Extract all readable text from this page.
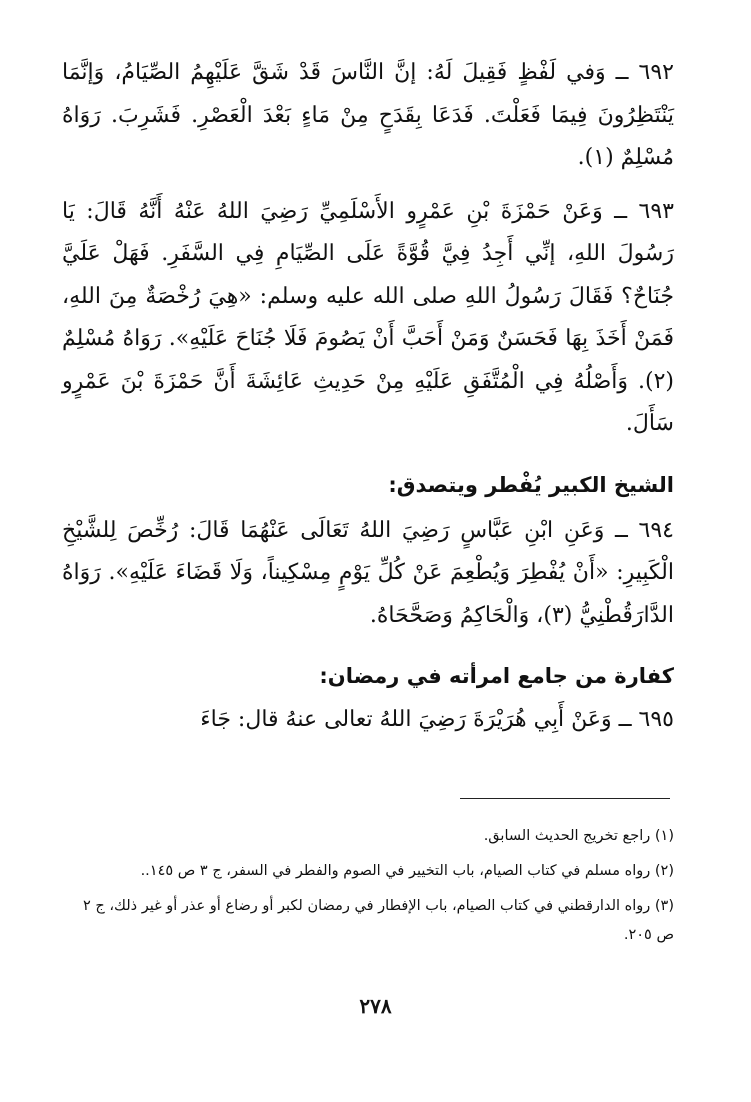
٦٩٢ ــ وَفي لَفْظٍ فَقِيلَ لَهُ: إنَّ النَّاسَ قَدْ شَقَّ عَلَيْهِمُ الصِّيَامُ، وَإنَّمَا يَنْتَظِرُونَ فِيمَا فَعَلْتَ. فَدَعَا بِقَدَحٍ مِنْ مَاءٍ بَعْدَ الْعَصْرِ. فَشَرِبَ. رَوَاهُ مُسْلِمٌ (١).

٦٩٣ ــ وَعَنْ حَمْزَةَ بْنِ عَمْرٍو الأَسْلَمِيِّ رَضِيَ اللهُ عَنْهُ أَنَّهُ قَالَ: يَا رَسُولَ اللهِ، إنِّي أَجِدُ فِيَّ قُوَّةً عَلَى الصِّيَامِ فِي السَّفَرِ. فَهَلْ عَلَيَّ جُنَاحٌ؟ فَقَالَ رَسُولُ اللهِ صلى الله عليه وسلم: «هِيَ رُخْصَةٌ مِنَ اللهِ، فَمَنْ أَخَذَ بِهَا فَحَسَنٌ وَمَنْ أَحَبَّ أَنْ يَصُومَ فَلَا جُنَاحَ عَلَيْهِ». رَوَاهُ مُسْلِمٌ (٢). وَأَصْلُهُ فِي الْمُتَّفَقِ عَلَيْهِ مِنْ حَدِيثِ عَائِشَةَ أَنَّ حَمْزَةَ بْنَ عَمْرٍو سَأَلَ.

الشيخ الكبير يُفْطر ويتصدق:

٦٩٤ ــ وَعَنِ ابْنِ عَبَّاسٍ رَضِيَ اللهُ تَعَالَى عَنْهُمَا قَالَ: رُخِّصَ لِلشَّيْخِ الْكَبِيرِ: «أَنْ يُفْطِرَ وَيُطْعِمَ عَنْ كُلِّ يَوْمٍ مِسْكِيناً، وَلَا قَضَاءَ عَلَيْهِ». رَوَاهُ الدَّارَقُطْنِيُّ (٣)، وَالْحَاكِمُ وَصَحَّحَاهُ.

كفارة من جامع امرأته في رمضان:

٦٩٥ ــ وَعَنْ أَبِي هُرَيْرَةَ رَضِيَ اللهُ تعالى عنهُ قال: جَاءَ

(١) راجع تخريج الحديث السابق.

(٢) رواه مسلم في كتاب الصيام، باب التخيير في الصوم والفطر في السفر، ج ٣ ص ١٤٥..

(٣) رواه الدارقطني في كتاب الصيام، باب الإفطار في رمضان لكبر أو رضاع أو عذر أو غير ذلك، ج ٢ ص ٢٠٥.

٢٧٨
